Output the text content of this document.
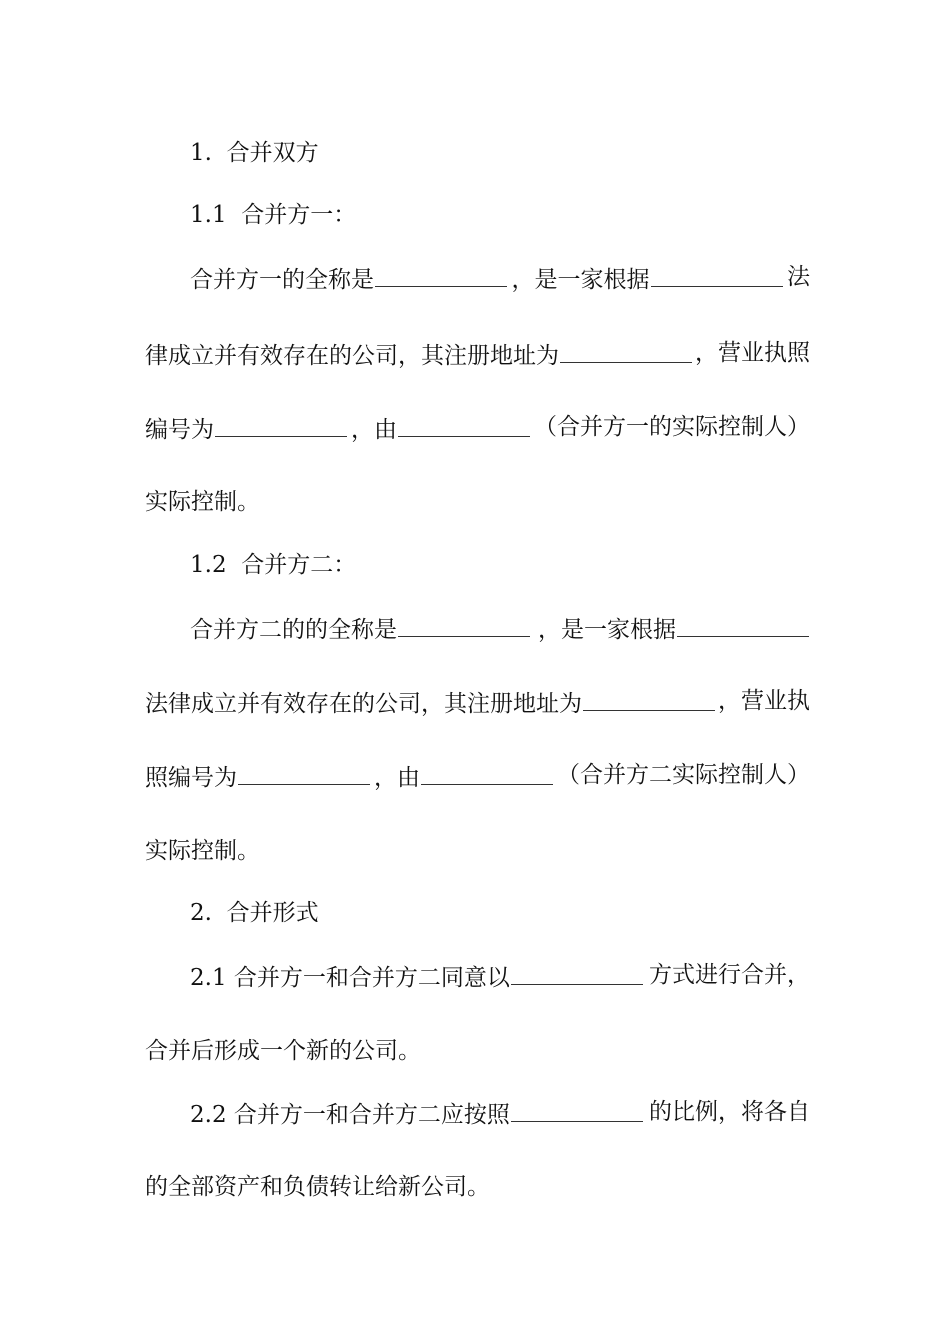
1. 合并双方
1.1 合并方一：
合并方一的全称是	，是一家根据	法
律成立并有效存在的公司，其注册地址为	，营业执照
编号为	，由	（合并方一的实际控制人）
实际控制。
1.2 合并方二：
合并方二的的全称是	，是一家根据
法律成立并有效存在的公司，其注册地址为	，营业执
照编号为	，由	（合并方二实际控制人）
实际控制。
2. 合并形式
2.1 合并方一和合并方二同意以	方式进行合并，
合并后形成一个新的公司。
2.2 合并方一和合并方二应按照	的比例，将各自
的全部资产和负债转让给新公司。
